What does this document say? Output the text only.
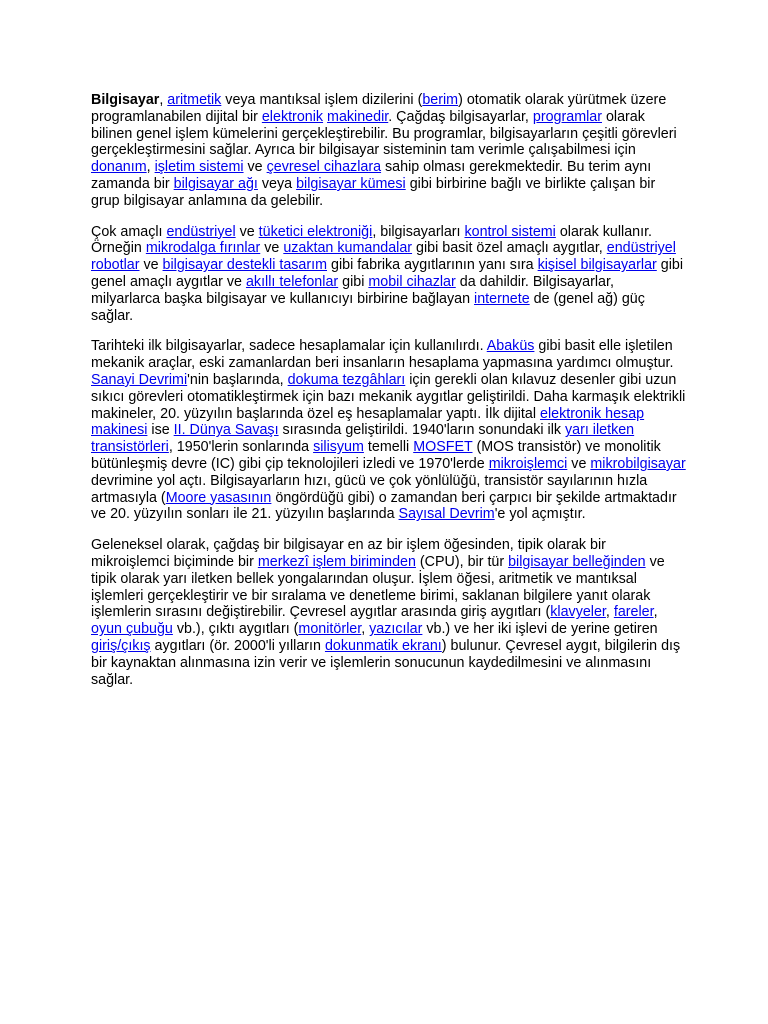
Bilgisayar, aritmetik veya mantıksal işlem dizilerini (berim) otomatik olarak yürütmek üzere programlanabilen dijital bir elektronik makinedir. Çağdaş bilgisayarlar, programlar olarak bilinen genel işlem kümelerini gerçekleştirebilir. Bu programlar, bilgisayarların çeşitli görevleri gerçekleştirmesini sağlar. Ayrıca bir bilgisayar sisteminin tam verimle çalışabilmesi için donanım, işletim sistemi ve çevresel cihazlara sahip olması gerekmektedir. Bu terim aynı zamanda bir bilgisayar ağı veya bilgisayar kümesi gibi birbirine bağlı ve birlikte çalışan bir grup bilgisayar anlamına da gelebilir.

Çok amaçlı endüstriyel ve tüketici elektroniği, bilgisayarları kontrol sistemi olarak kullanır. Örneğin mikrodalga fırınlar ve uzaktan kumandalar gibi basit özel amaçlı aygıtlar, endüstriyel robotlar ve bilgisayar destekli tasarım gibi fabrika aygıtlarının yanı sıra kişisel bilgisayarlar gibi genel amaçlı aygıtlar ve akıllı telefonlar gibi mobil cihazlar da dahildir. Bilgisayarlar, milyarlarca başka bilgisayar ve kullanıcıyı birbirine bağlayan internete de (genel ağ) güç sağlar.

Tarihteki ilk bilgisayarlar, sadece hesaplamalar için kullanılırdı. Abaküs gibi basit elle işletilen mekanik araçlar, eski zamanlardan beri insanların hesaplama yapmasına yardımcı olmuştur. Sanayi Devrimi'nin başlarında, dokuma tezgâhları için gerekli olan kılavuz desenler gibi uzun sıkıcı görevleri otomatikleştirmek için bazı mekanik aygıtlar geliştirildi. Daha karmaşık elektrikli makineler, 20. yüzyılın başlarında özel eş hesaplamalar yaptı. İlk dijital elektronik hesap makinesi ise II. Dünya Savaşı sırasında geliştirildi. 1940'ların sonundaki ilk yarı iletken transistörleri, 1950'lerin sonlarında silisyum temelli MOSFET (MOS transistör) ve monolitik bütünleşmiş devre (IC) gibi çip teknolojileri izledi ve 1970'lerde mikroişlemci ve mikrobilgisayar devrimine yol açtı. Bilgisayarların hızı, gücü ve çok yönlülüğü, transistör sayılarının hızla artmasıyla (Moore yasasının öngördüğü gibi) o zamandan beri çarpıcı bir şekilde artmaktadır ve 20. yüzyılın sonları ile 21. yüzyılın başlarında Sayısal Devrim'e yol açmıştır.

Geleneksel olarak, çağdaş bir bilgisayar en az bir işlem öğesinden, tipik olarak bir mikroişlemci biçiminde bir merkezî işlem biriminden (CPU), bir tür bilgisayar belleğinden ve tipik olarak yarı iletken bellek yongalarından oluşur. İşlem öğesi, aritmetik ve mantıksal işlemleri gerçekleştirir ve bir sıralama ve denetleme birimi, saklanan bilgilere yanıt olarak işlemlerin sırasını değiştirebilir. Çevresel aygıtlar arasında giriş aygıtları (klavyeler, fareler, oyun çubuğu vb.), çıktı aygıtları (monitörler, yazıcılar vb.) ve her iki işlevi de yerine getiren giriş/çıkış aygıtları (ör. 2000'li yılların dokunmatik ekranı) bulunur. Çevresel aygıt, bilgilerin dış bir kaynaktan alınmasına izin verir ve işlemlerin sonucunun kaydedilmesini ve alınmasını sağlar.
